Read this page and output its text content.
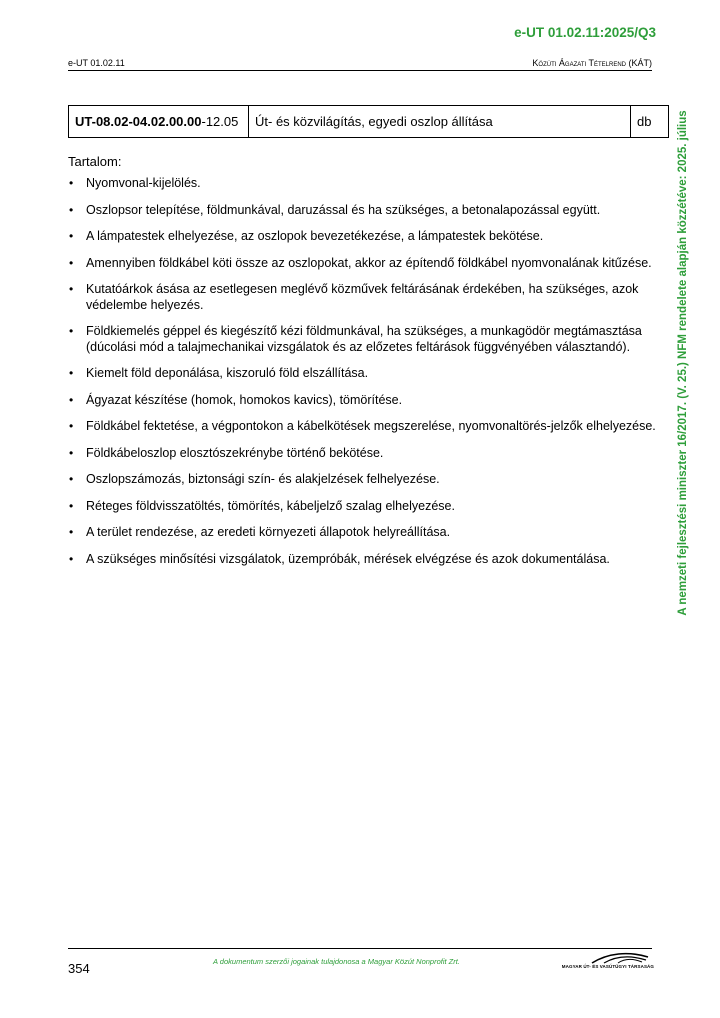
e-UT 01.02.11:2025/Q3
e-UT 01.02.11	Közúti Ágazati Tételrend (KÁT)
UT-08.02-04.02.00.00 -12.05 Út- és közvilágítás, egyedi oszlop állítása	db
Tartalom:
• Nyomvonal-kijelölés.
• Oszlopsor telepítése, földmunkával, daruzással és ha szükséges, a betonalapozással együtt.
• A lámpatestek elhelyezése, az oszlopok bevezetékezése, a lámpatestek bekötése.
• Amennyiben földkábel köti össze az oszlopokat, akkor az építendő földkábel nyomvonalának kitűzése.
• Kutatóárkok ásása az esetlegesen meglévő közművek feltárásának érdekében, ha szükséges, azok védelembe helyezés.
• Földkiemelés géppel és kiegészítő kézi földmunkával, ha szükséges, a munkagödör megtámasztása (dúcolási mód a talajmechanikai vizsgálatok és az előzetes feltárások függvényében választandó).
• Kiemelt föld deponálása, kiszoruló föld elszállítása.
• Ágyazat készítése (homok, homokos kavics), tömörítése.
• Földkábel fektetése, a végpontokon a kábelkötések megszerelése, nyomvonaltörés-jelzők elhelyezése.
• Földkábeloszlop elosztószekrénybe történő bekötése.
• Oszlopszámozás, biztonsági szín- és alakjelzések felhelyezése.
• Réteges földvisszatöltés, tömörítés, kábeljelző szalag elhelyezése.
• A terület rendezése, az eredeti környezeti állapotok helyreállítása.
• A szükséges minősítési vizsgálatok, üzempróbák, mérések elvégzése és azok dokumentálása.	A nemzeti fejlesztési miniszter 16/2017. (V. 25.) NFM rendelete alapján közzétéve: 2025. július
354	A dokumentum szerzői jogainak tulajdonosa a Magyar Közút Nonprofit Zrt.
MAGYAR ÚT- ÉS VASÚTÜGYI TÁRSASÁG
